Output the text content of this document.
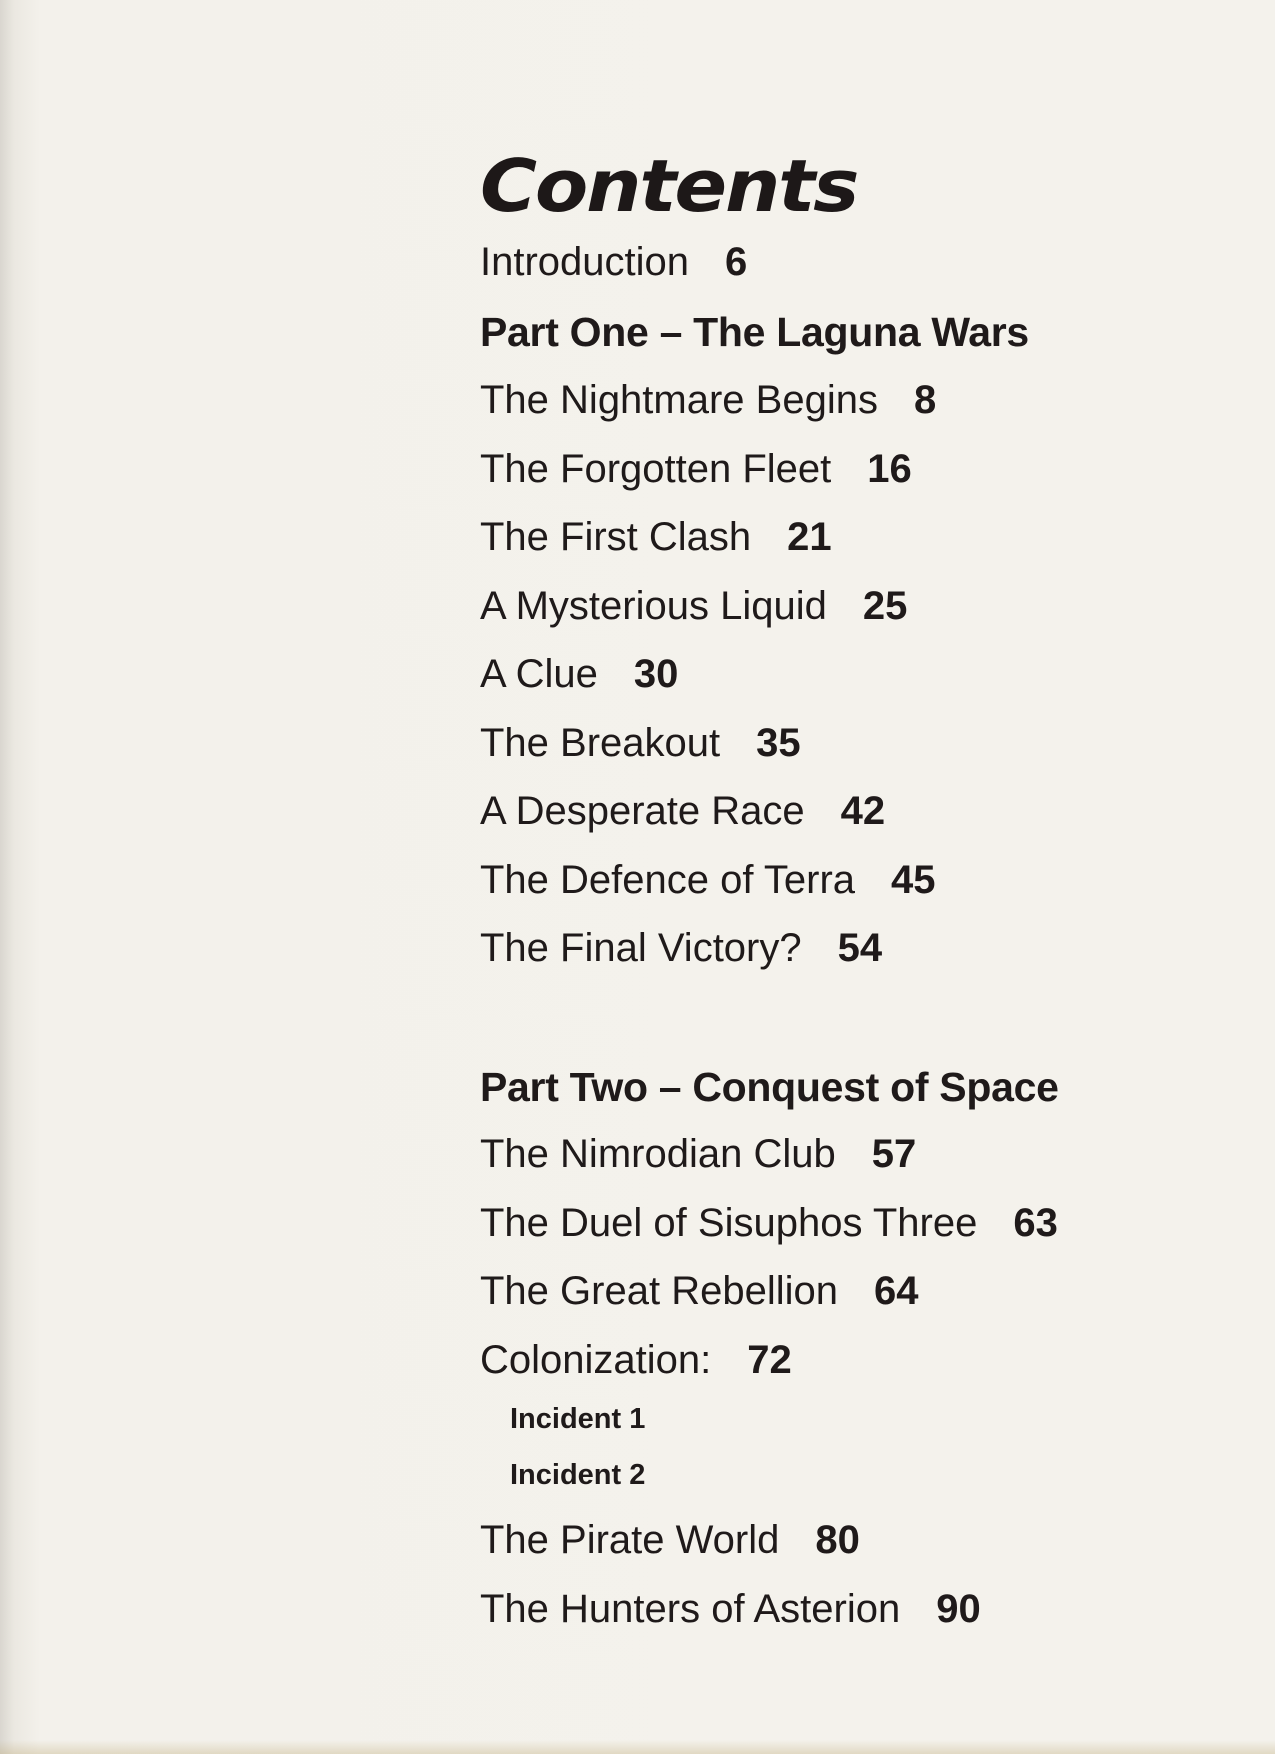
Contents
Introduction 6
Part One – The Laguna Wars
The Nightmare Begins 8
The Forgotten Fleet 16
The First Clash 21
A Mysterious Liquid 25
A Clue 30
The Breakout 35
A Desperate Race 42
The Defence of Terra 45
The Final Victory? 54
Part Two – Conquest of Space
The Nimrodian Club 57
The Duel of Sisuphos Three 63
The Great Rebellion 64
Colonization: 72
Incident 1
Incident 2
The Pirate World 80
The Hunters of Asterion 90
